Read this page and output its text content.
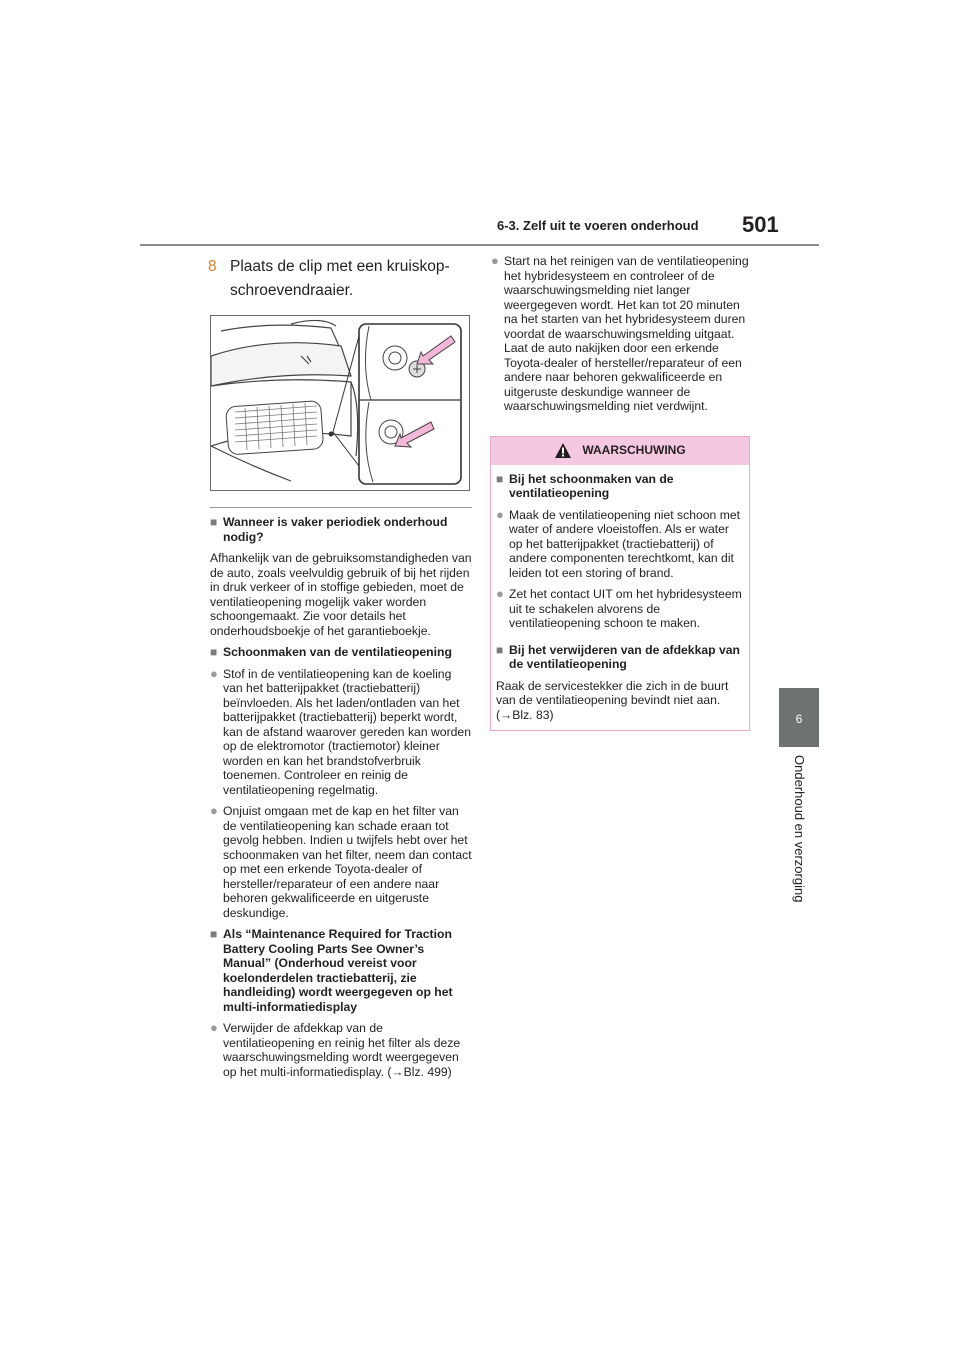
6-3. Zelf uit te voeren onderhoud 501
6
Onderhoud en verzorging
8 Plaats de clip met een kruiskop-schroevendraaier.
■ Wanneer is vaker periodiek onderhoud nodig?
Afhankelijk van de gebruiksomstandigheden van de auto, zoals veelvuldig gebruik of bij het rijden in druk verkeer of in stoffige gebieden, moet de ventilatieopening mogelijk vaker worden schoongemaakt. Zie voor details het onderhoudsboekje of het garantieboekje.
■ Schoonmaken van de ventilatieopening
● Stof in de ventilatieopening kan de koeling van het batterijpakket (tractiebatterij) beïnvloeden. Als het laden/ontladen van het batterijpakket (tractiebatterij) beperkt wordt, kan de afstand waarover gereden kan worden op de elektromotor (tractiemotor) kleiner worden en kan het brandstofverbruik toenemen. Controleer en reinig de ventilatieopening regelmatig.
● Onjuist omgaan met de kap en het filter van de ventilatieopening kan schade eraan tot gevolg hebben. Indien u twijfels hebt over het schoonmaken van het filter, neem dan contact op met een erkende Toyota-dealer of hersteller/reparateur of een andere naar behoren gekwalificeerde en uitgeruste deskundige.
■ Als “Maintenance Required for Traction Battery Cooling Parts See Owner’s Manual” (Onderhoud vereist voor koelonderdelen tractiebatterij, zie handleiding) wordt weergegeven op het multi-informatiedisplay
● Verwijder de afdekkap van de ventilatieopening en reinig het filter als deze waarschuwingsmelding wordt weergegeven op het multi-informatiedisplay. (→Blz. 499)
● Start na het reinigen van de ventilatieopening het hybridesysteem en controleer of de waarschuwingsmelding niet langer weergegeven wordt. Het kan tot 20 minuten na het starten van het hybridesysteem duren voordat de waarschuwingsmelding uitgaat. Laat de auto nakijken door een erkende Toyota-dealer of hersteller/reparateur of een andere naar behoren gekwalificeerde en uitgeruste deskundige wanneer de waarschuwingsmelding niet verdwijnt.
WAARSCHUWING
■ Bij het schoonmaken van de ventilatieopening
● Maak de ventilatieopening niet schoon met water of andere vloeistoffen. Als er water op het batterijpakket (tractiebatterij) of andere componenten terechtkomt, kan dit leiden tot een storing of brand.
● Zet het contact UIT om het hybridesysteem uit te schakelen alvorens de ventilatieopening schoon te maken.
■ Bij het verwijderen van de afdekkap van de ventilatieopening
Raak de servicestekker die zich in de buurt van de ventilatieopening bevindt niet aan. (→Blz. 83)
